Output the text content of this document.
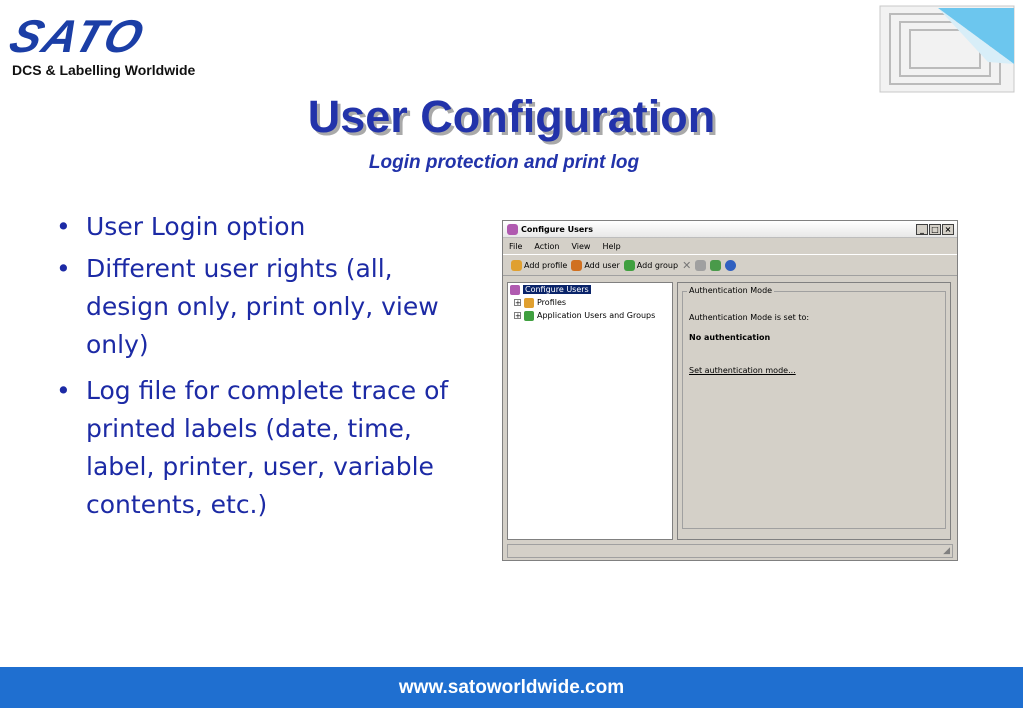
SATO
DCS & Labelling Worldwide
User Configuration
Login protection and print log

• User Login option

• Different user rights (all, design only, print only, view only)

• Log file for complete trace of printed labels (date, time, label, printer, user, variable contents, etc.)

Configure Users	_ □ ×
File Action View Help
Add profile Add user Add group ✕
Configure Users
+ Profiles
+ Application Users and Groups
Authentication Mode
Authentication Mode is set to:
No authentication
Set authentication mode...
◢
www.satoworldwide.com
